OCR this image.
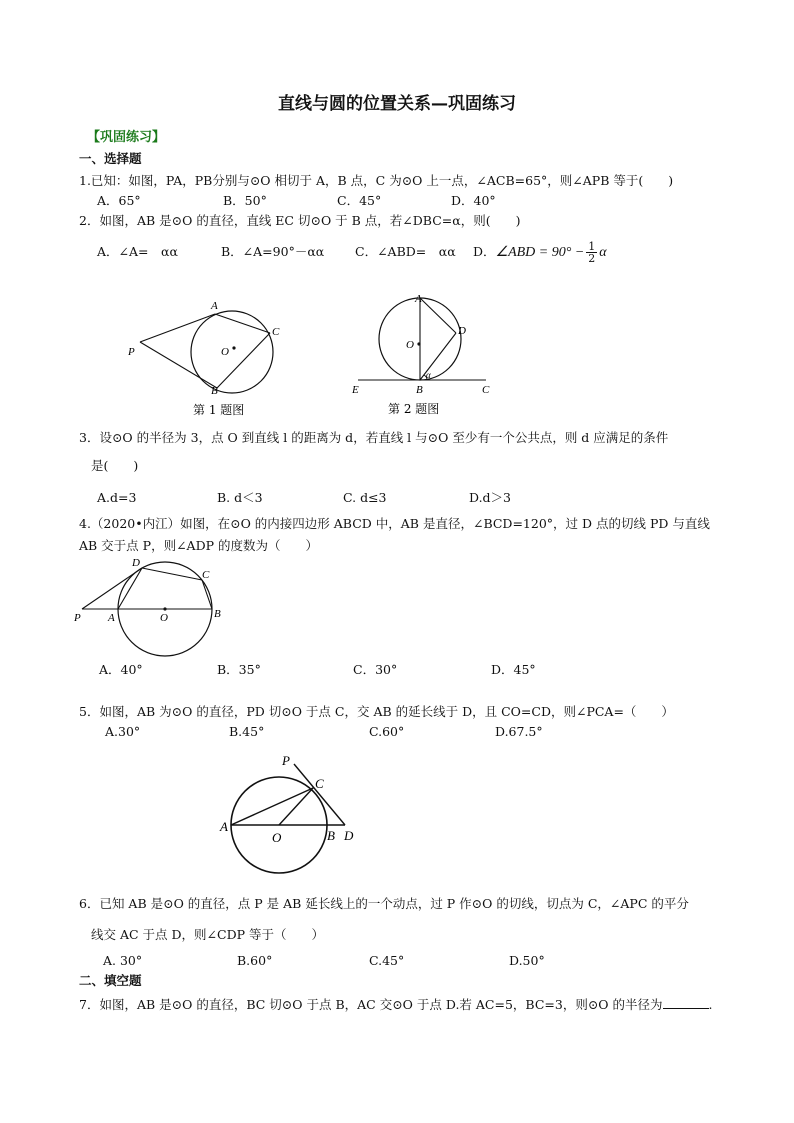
直线与圆的位置关系—巩固练习
【巩固练习】
一、选择题
1.已知：如图，PA，PB分别与⊙O 相切于 A，B 点，C 为⊙O 上一点，∠ACB=65°，则∠APB 等于(　　)
A．65°	B．50°	C．45°	D．40°
2．如图，AB 是⊙O 的直径，直线 EC 切⊙O 于 B 点，若∠DBC=α，则(　　)
A．∠A=　αα	B．∠A=90°－αα	C．∠ABD=　αα	D．∠ABD = $90^\circ - \frac{1}{2}$ α
A
C
P	O
B
第 1 题图
A
D
O
E	B	C
α
第 2 题图
3．设⊙O 的半径为 3，点 O 到直线 l 的距离为 d，若直线 l 与⊙O 至少有一个公共点，则 d 应满足的条件
是(　　)
A.d=3	B. d＜3	C. d≤3	D.d＞3
4.（2020•内江）如图，在⊙O 的内接四边形 ABCD 中，AB 是直径，∠BCD=120°，过 D 点的切线 PD 与直线
AB 交于点 P，则∠ADP 的度数为（　　）
D
C
P A	O	B
A．40°	B．35°	C．30°	D．45°
5．如图，AB 为⊙O 的直径，PD 切⊙O 于点 C，交 AB 的延长线于 D，且 CO=CD，则∠PCA=（　　）
A.30°	B.45°	C.60°	D.67.5°
P
C
A
O	B D
6．已知 AB 是⊙O 的直径，点 P 是 AB 延长线上的一个动点，过 P 作⊙O 的切线，切点为 C，∠APC 的平分
线交 AC 于点 D，则∠CDP 等于（　　）
A. 30°	B.60°	C.45°	D.50°
二、填空题
7．如图，AB 是⊙O 的直径，BC 切⊙O 于点 B，AC 交⊙O 于点 D.若 AC=5，BC=3，则⊙O 的半径为	.
